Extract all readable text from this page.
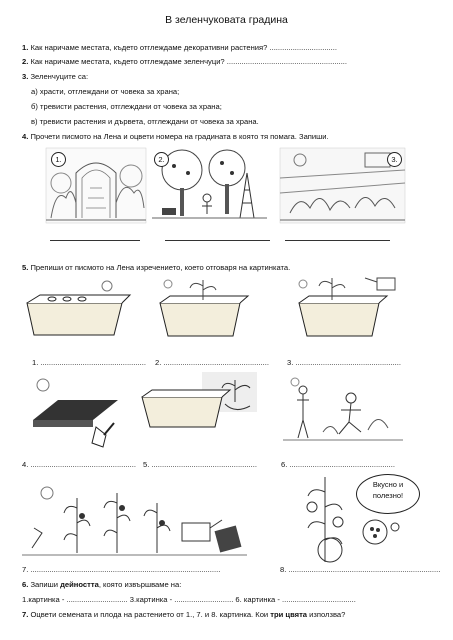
В зеленчуковата градина
1. Как наричаме местата, където отглеждаме декоративни растения? ................................
2. Как наричаме местата, където отглеждаме зеленчуци? .........................................................
3. Зеленчуците са:
а) храсти, отглеждани от човека за храна;
б) тревисти растения, отглеждани от човека за храна;
в) тревисти растения и дървета, отглеждани от човека за храна.
4. Прочети писмото на Лена и оцвети номера на градината в която тя помага. Запиши.
1.	2.	3.
5. Препиши от писмото на Лена изречението, което отговаря на картинката.
1. .................................................. 2. .................................................. 3. ..................................................
4. .................................................. 5. ..................................................	6. ..................................................
Вкусно и
полезно!
7. ..........................................................................................	8. ........................................................................
6. Запиши дейността, която извършваме на:
1.картинка - ............................. 3.картинка - ............................ 6. картинка - ...................................
7. Оцвети семената и плода на растението от 1., 7. и 8. картинка. Кои три цвята използва?
